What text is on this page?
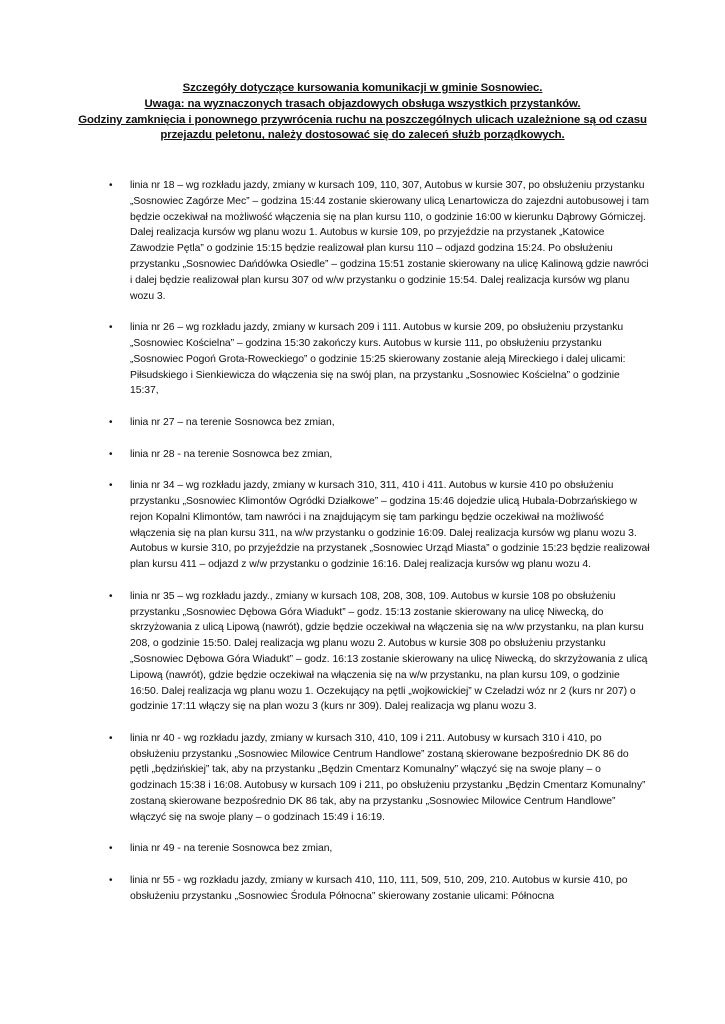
Szczegóły dotyczące kursowania komunikacji w gminie Sosnowiec.
Uwaga: na wyznaczonych trasach objazdowych obsługa wszystkich przystanków.
Godziny zamknięcia i ponownego przywrócenia ruchu na poszczególnych ulicach uzależnione są od czasu
przejazdu peletonu, należy dostosować się do zaleceń służb porządkowych.
• linia nr 18 – wg rozkładu jazdy, zmiany w kursach 109, 110, 307, Autobus w kursie 307, po obsłużeniu przystanku „Sosnowiec Zagórze Mec” – godzina 15:44 zostanie skierowany ulicą Lenartowicza do zajezdni autobusowej i tam będzie oczekiwał na możliwość włączenia się na plan kursu 110, o godzinie 16:00 w kierunku Dąbrowy Górniczej. Dalej realizacja kursów wg planu wozu 1. Autobus w kursie 109, po przyjeździe na przystanek „Katowice Zawodzie Pętla” o godzinie 15:15 będzie realizował plan kursu 110 – odjazd godzina 15:24. Po obsłużeniu przystanku „Sosnowiec Dańdówka Osiedle” – godzina 15:51 zostanie skierowany na ulicę Kalinową gdzie nawróci i dalej będzie realizował plan kursu 307 od w/w przystanku o godzinie 15:54. Dalej realizacja kursów wg planu wozu 3.
• linia nr 26 – wg rozkładu jazdy, zmiany w kursach 209 i 111. Autobus w kursie 209, po obsłużeniu przystanku „Sosnowiec Kościelna” – godzina 15:30 zakończy kurs. Autobus w kursie 111, po obsłużeniu przystanku „Sosnowiec Pogoń Grota-Roweckiego” o godzinie 15:25 skierowany zostanie aleją Mireckiego i dalej ulicami: Piłsudskiego i Sienkiewicza do włączenia się na swój plan, na przystanku „Sosnowiec Kościelna” o godzinie 15:37,
• linia nr 27 – na terenie Sosnowca bez zmian,
• linia nr 28 - na terenie Sosnowca bez zmian,
• linia nr 34 – wg rozkładu jazdy, zmiany w kursach 310, 311, 410 i 411. Autobus w kursie 410 po obsłużeniu przystanku „Sosnowiec Klimontów Ogródki Działkowe” – godzina 15:46 dojedzie ulicą Hubala-Dobrzańskiego w rejon Kopalni Klimontów, tam nawróci i na znajdującym się tam parkingu będzie oczekiwał na możliwość włączenia się na plan kursu 311, na w/w przystanku o godzinie 16:09. Dalej realizacja kursów wg planu wozu 3. Autobus w kursie 310, po przyjeździe na przystanek „Sosnowiec Urząd Miasta” o godzinie 15:23 będzie realizował plan kursu 411 – odjazd z w/w przystanku o godzinie 16:16. Dalej realizacja kursów wg planu wozu 4.
• linia nr 35 – wg rozkładu jazdy., zmiany w kursach 108, 208, 308, 109. Autobus w kursie 108 po obsłużeniu przystanku „Sosnowiec Dębowa Góra Wiadukt” – godz. 15:13 zostanie skierowany na ulicę Niwecką, do skrzyżowania z ulicą Lipową (nawrót), gdzie będzie oczekiwał na włączenia się na w/w przystanku, na plan kursu 208, o godzinie 15:50. Dalej realizacja wg planu wozu 2. Autobus w kursie 308 po obsłużeniu przystanku „Sosnowiec Dębowa Góra Wiadukt” – godz. 16:13 zostanie skierowany na ulicę Niwecką, do skrzyżowania z ulicą Lipową (nawrót), gdzie będzie oczekiwał na włączenia się na w/w przystanku, na plan kursu 109, o godzinie 16:50. Dalej realizacja wg planu wozu 1. Oczekujący na pętli „wojkowickiej” w Czeladzi wóz nr 2 (kurs nr 207) o godzinie 17:11 włączy się na plan wozu 3 (kurs nr 309). Dalej realizacja wg planu wozu 3.
• linia nr 40 - wg rozkładu jazdy, zmiany w kursach 310, 410, 109 i 211. Autobusy w kursach 310 i 410, po obsłużeniu przystanku „Sosnowiec Milowice Centrum Handlowe” zostaną skierowane bezpośrednio DK 86 do pętli „będzińskiej” tak, aby na przystanku „Będzin Cmentarz Komunalny” włączyć się na swoje plany – o godzinach 15:38 i 16:08. Autobusy w kursach 109 i 211, po obsłużeniu przystanku „Będzin Cmentarz Komunalny” zostaną skierowane bezpośrednio DK 86 tak, aby na przystanku „Sosnowiec Milowice Centrum Handlowe” włączyć się na swoje plany – o godzinach 15:49 i 16:19.
• linia nr 49 - na terenie Sosnowca bez zmian,
• linia nr 55 - wg rozkładu jazdy, zmiany w kursach 410, 110, 111, 509, 510, 209, 210. Autobus w kursie 410, po obsłużeniu przystanku „Sosnowiec Środula Północna” skierowany zostanie ulicami: Północna
